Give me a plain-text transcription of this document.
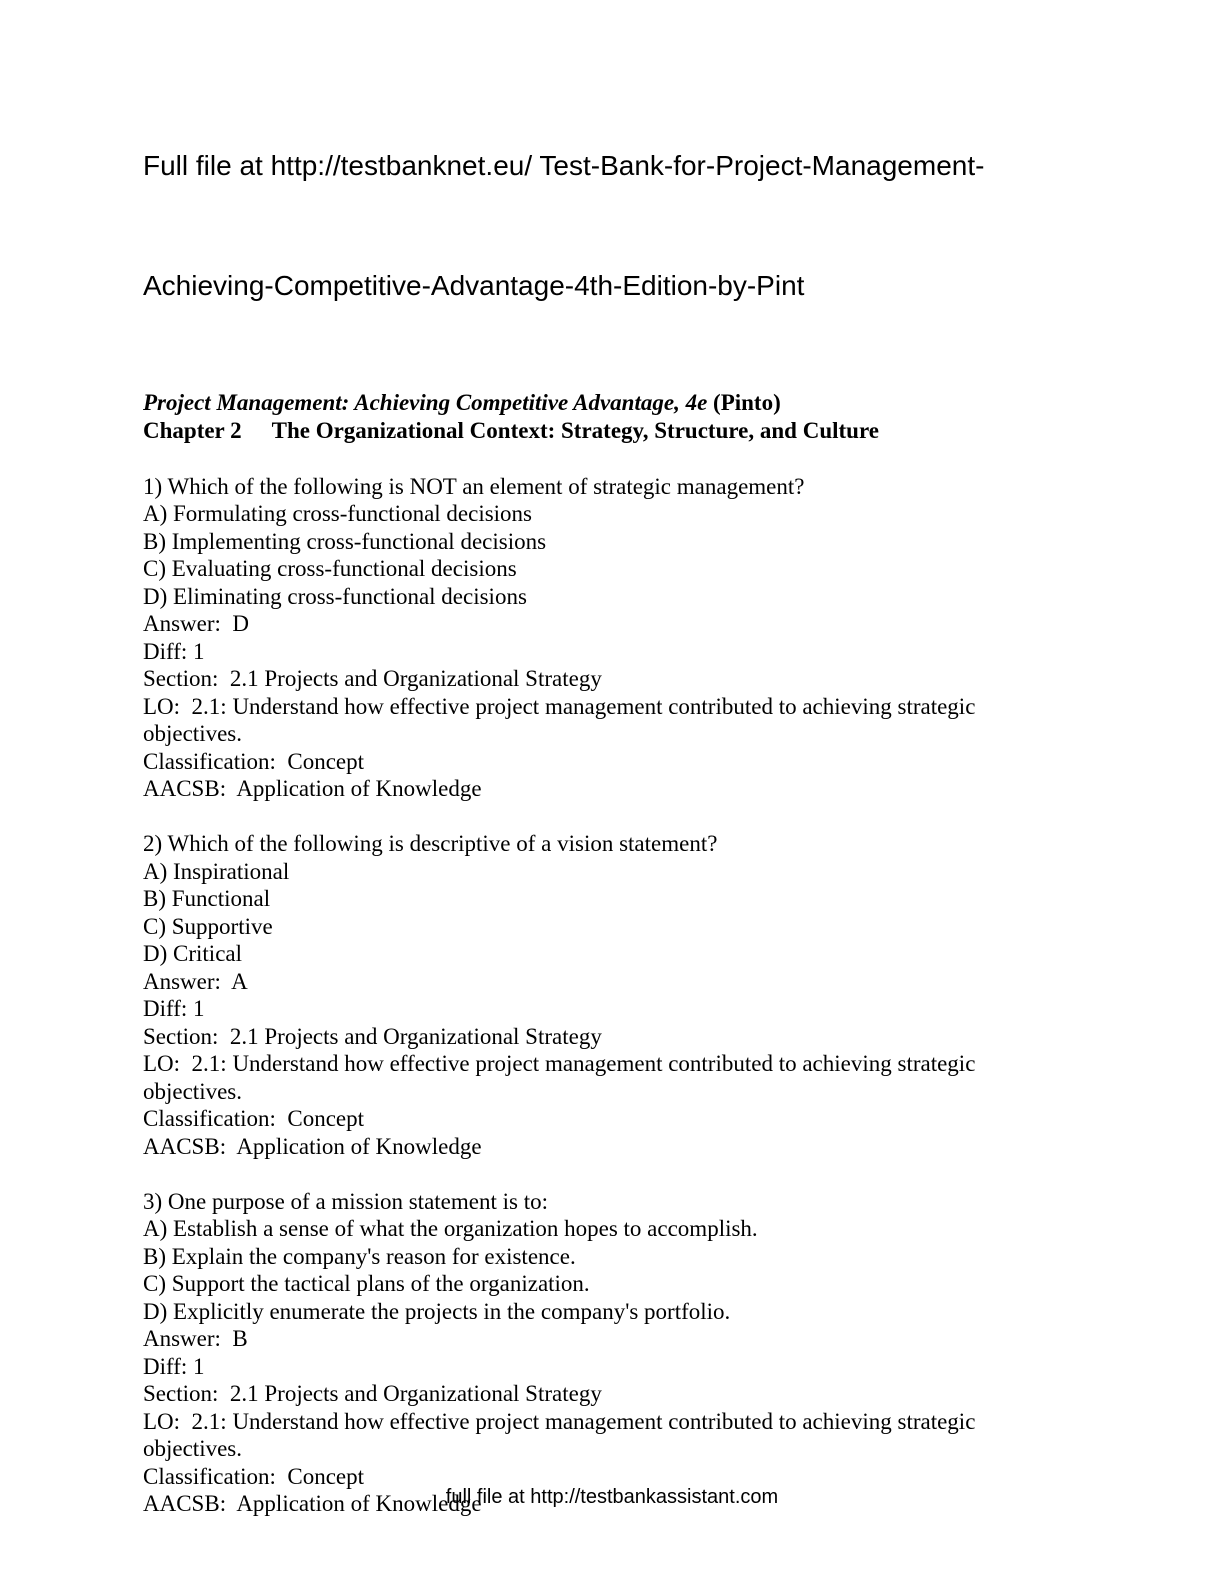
Full file at http://testbanknet.eu/ Test-Bank-for-Project-Management-

Achieving-Competitive-Advantage-4th-Edition-by-Pint

Project Management: Achieving Competitive Advantage, 4e (Pinto)
Chapter 2 The Organizational Context: Strategy, Structure, and Culture
1) Which of the following is NOT an element of strategic management?
A) Formulating cross-functional decisions
B) Implementing cross-functional decisions
C) Evaluating cross-functional decisions
D) Eliminating cross-functional decisions
Answer:  D
Diff: 1
Section:  2.1 Projects and Organizational Strategy
LO:  2.1: Understand how effective project management contributed to achieving strategic objectives.
Classification:  Concept
AACSB:  Application of Knowledge
2) Which of the following is descriptive of a vision statement?
A) Inspirational
B) Functional
C) Supportive
D) Critical
Answer:  A
Diff: 1
Section:  2.1 Projects and Organizational Strategy
LO:  2.1: Understand how effective project management contributed to achieving strategic objectives.
Classification:  Concept
AACSB:  Application of Knowledge
3) One purpose of a mission statement is to:
A) Establish a sense of what the organization hopes to accomplish.
B) Explain the company's reason for existence.
C) Support the tactical plans of the organization.
D) Explicitly enumerate the projects in the company's portfolio.
Answer:  B
Diff: 1
Section:  2.1 Projects and Organizational Strategy
LO:  2.1: Understand how effective project management contributed to achieving strategic objectives.
Classification:  Concept
AACSB:  Application of Knowledge
full file at http://testbankassistant.com
